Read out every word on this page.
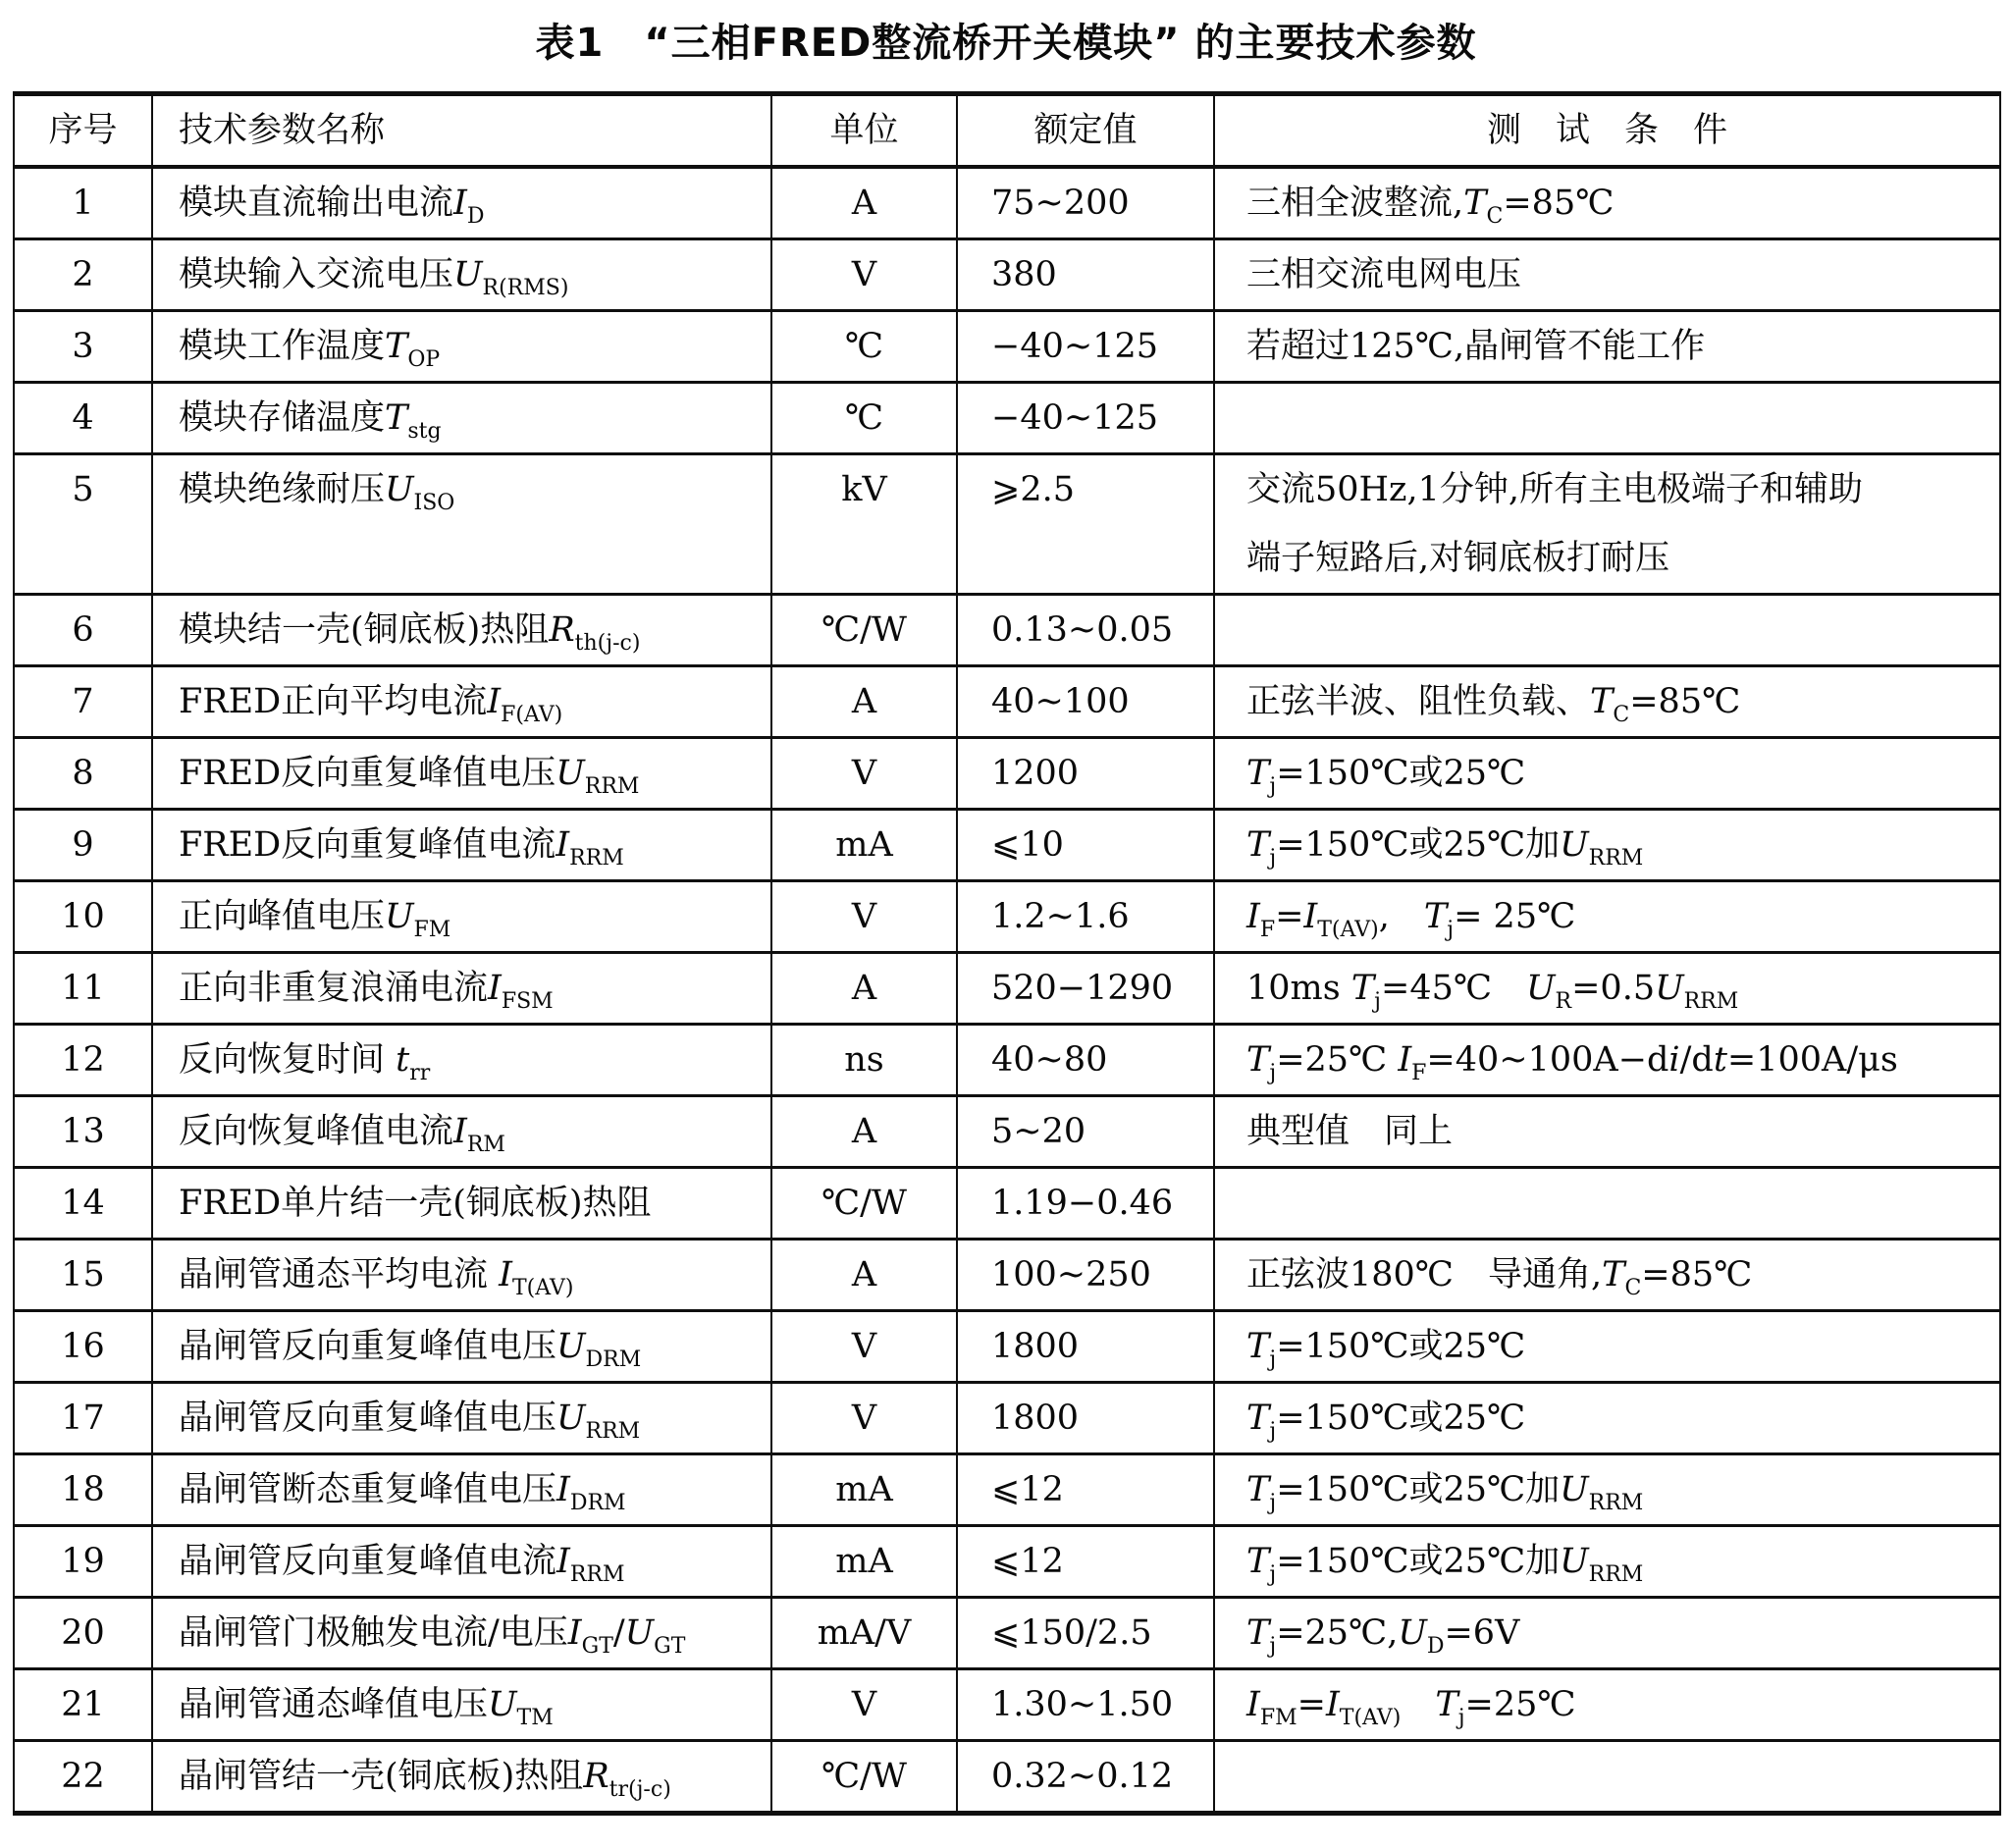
表1　“三相FRED整流桥开关模块” 的主要技术参数
序号	技术参数名称	单位	额定值	测　试　条　件
1	模块直流输出电流$I_D$	A	75~200	三相全波整流$,T_C=85℃$
2	模块输入交流电压$U_{R(RMS)}$	V	380	三相交流电网电压
3	模块工作温度$T_{OP}$	℃	−40~125	若超过125℃,晶闸管不能工作
4	模块存储温度$T_{stg}$	℃	−40~125	
5	模块绝缘耐压$U_{ISO}$	kV	⩾2.5	交流50Hz,1分钟,所有主电极端子和辅助
端子短路后,对铜底板打耐压
6	模块结一壳(铜底板)热阻$R_{th(j-c)}$	℃/W	0.13~0.05	
7	FRED正向平均电流$I_{F(AV)}$	A	40~100	正弦半波、阻性负载、$T_C=85℃$
8	FRED反向重复峰值电压$U_{RRM}$	V	1200	$T_j=150℃$或25℃
9	FRED反向重复峰值电流$I_{RRM}$	mA	⩽10	$T_j=150℃$或25℃加$U_{RRM}$
10	正向峰值电压$U_{FM}$	V	1.2~1.6	$I_F=I_{T(AV)}$,　$T_j=$ 25℃
11	正向非重复浪涌电流$I_{FSM}$	A	520−1290	10ms $T_j=45℃$　$U_R=0.5U_{RRM}$
12	反向恢复时间 $t_{rr}$	ns	40~80	$T_j=25℃$ $I_F=40\sim 100A-di/dt=100A/\mu s$
13	反向恢复峰值电流$I_{RM}$	A	5~20	典型值　同上
14	FRED单片结一壳(铜底板)热阻	℃/W	1.19−0.46	
15	晶闸管通态平均电流 $I_{T(AV)}$	A	100~250	正弦波180℃　导通角$,T_C=85℃$
16	晶闸管反向重复峰值电压$U_{DRM}$	V	1800	$T_j=150℃$或25℃
17	晶闸管反向重复峰值电压$U_{RRM}$	V	1800	$T_j=150℃$或25℃
18	晶闸管断态重复峰值电压$I_{DRM}$	mA	⩽12	$T_j=150℃$或25℃加$U_{RRM}$
19	晶闸管反向重复峰值电流$I_{RRM}$	mA	⩽12	$T_j=150℃$或25℃加$U_{RRM}$
20	晶闸管门极触发电流/电压$I_{GT}/U_{GT}$	mA/V	⩽150/2.5	$T_j=25℃,U_D=6V$
21	晶闸管通态峰值电压$U_{TM}$	V	1.30~1.50	$I_{FM}=I_{T(AV)}$　 $T_j=25℃$
22	晶闸管结一壳(铜底板)热阻$R_{tr(j-c)}$	℃/W	0.32~0.12	
